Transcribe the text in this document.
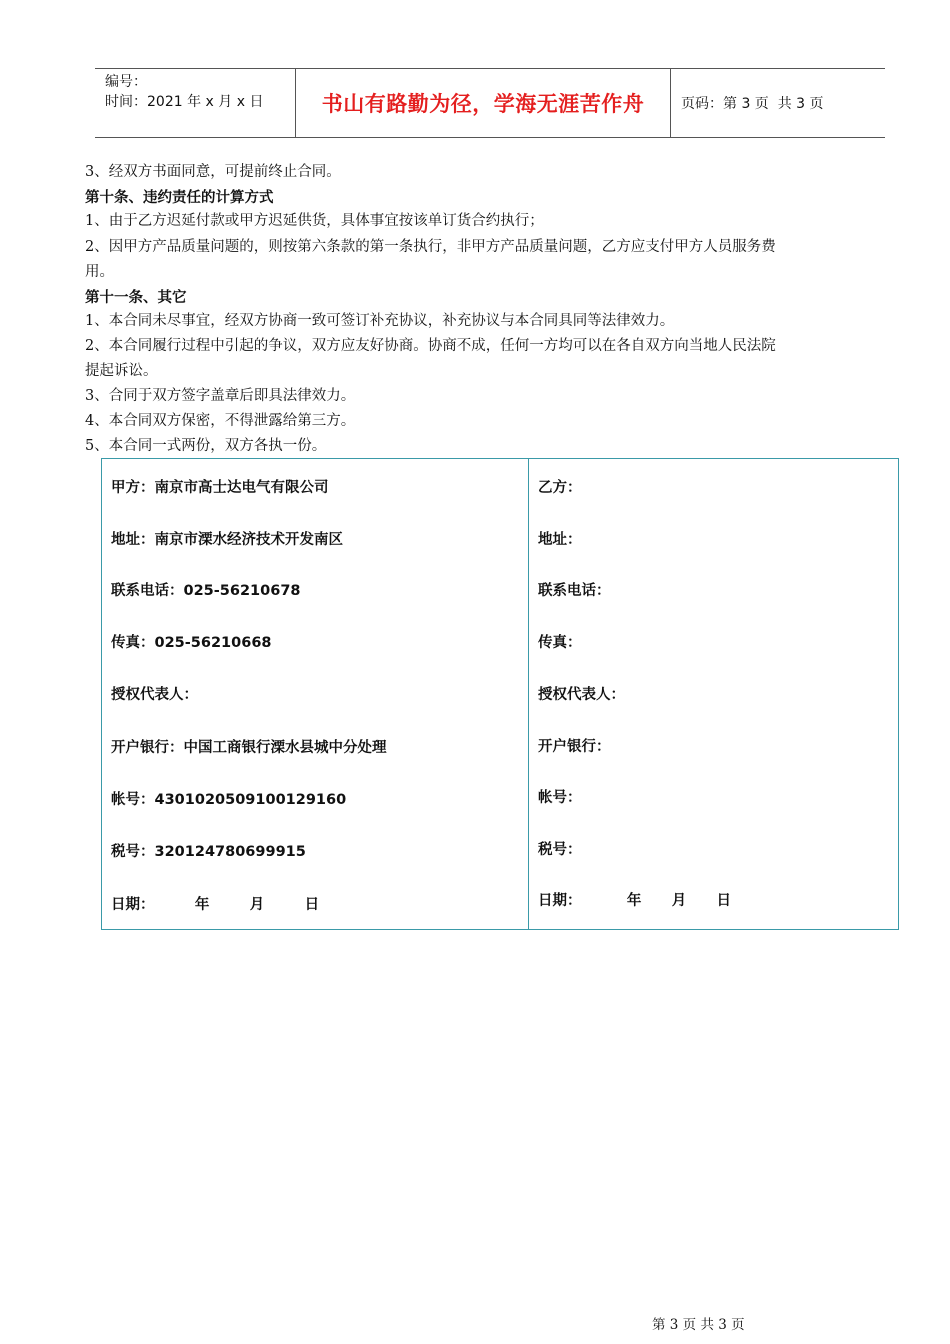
编号：
时间：2021 年 x 月 x 日	书山有路勤为径，学海无涯苦作舟	页码：第 3 页  共 3 页
3、经双方书面同意，可提前终止合同。
第十条、违约责任的计算方式
1、由于乙方迟延付款或甲方迟延供货，具体事宜按该单订货合约执行；
2、因甲方产品质量问题的，则按第六条款的第一条执行，非甲方产品质量问题，乙方应支付甲方人员服务费
用。
第十一条、其它
1、本合同未尽事宜，经双方协商一致可签订补充协议，补充协议与本合同具同等法律效力。
2、本合同履行过程中引起的争议，双方应友好协商。协商不成，任何一方均可以在各自双方向当地人民法院
提起诉讼。
3、合同于双方签字盖章后即具法律效力。
4、本合同双方保密，不得泄露给第三方。
5、本合同一式两份，双方各执一份。
甲方：南京市高士达电气有限公司
地址：南京市溧水经济技术开发南区
联系电话：025-56210678
传真：025-56210668
授权代表人：
开户银行：中国工商银行溧水县城中分处理
帐号：4301020509100129160
税号：320124780699915
日期：        年        月        日
乙方：
地址：
联系电话：
传真：
授权代表人：
开户银行：
帐号：
税号：
日期：         年      月      日
第 3 页 共 3 页
